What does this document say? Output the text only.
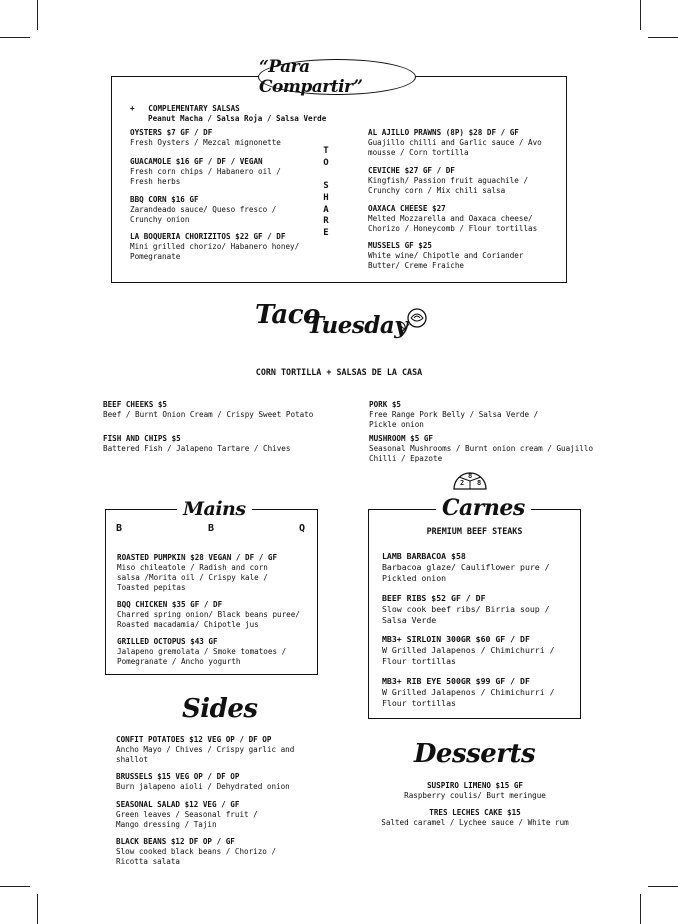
“Para Compartir”
+ COMPLEMENTARY SALSAS
Peanut Macha / Salsa Roja / Salsa Verde
OYSTERS $7 GF / DF
Fresh Oysters / Mezcal mignonette
GUACAMOLE $16 GF / DF / VEGAN
Fresh corn chips / Habanero oil / Fresh herbs
BBQ CORN $16 GF
Zarandeado sauce/ Queso fresco / Crunchy onion
LA BOQUERIA CHORIZITOS $22 GF / DF
Mini grilled chorizo/ Habanero honey/ Pomegranate
T
O

S
H
A
R
E
AL AJILLO PRAWNS (8P) $28 DF / GF
Guajillo chilli and Garlic sauce / Avo mousse / Corn tortilla
CEVICHE $27 GF / DF
Kingfish/ Passion fruit aguachile / Crunchy corn / Mix chili salsa
OAXACA CHEESE $27
Melted Mozzarella and Oaxaca cheese/ Chorizo / Honeycomb / Flour tortillas
MUSSELS GF $25
White wine/ Chipotle and Coriander Butter/ Creme Fraiche
Taco
Tuesday
CORN TORTILLA + SALSAS DE LA CASA
BEEF CHEEKS $5
Beef / Burnt Onion Cream / Crispy Sweet Potato
FISH AND CHIPS $5
Battered Fish / Jalapeno Tartare / Chives
PORK $5
Free Range Pork Belly / Salsa Verde / Pickle onion
MUSHROOM $5 GF
Seasonal Mushrooms / Burnt onion cream / Guajillo Chilli / Epazote
Mains
B	B	Q
ROASTED PUMPKIN $28 VEGAN / DF / GF
Miso chileatole / Radish and corn salsa /Morita oil / Crispy kale / Toasted pepitas
BQQ CHICKEN $35 GF / DF
Charred spring onion/ Black beans puree/ Roasted macadamia/ Chipotle jus
GRILLED OCTOPUS $43 GF
Jalapeno gremolata / Smoke tomatoes / Pomegranate / Ancho yogurth
2
8
8
Carnes
PREMIUM BEEF STEAKS
LAMB BARBACOA $58
Barbacoa glaze/ Cauliflower pure / Pickled onion
BEEF RIBS $52 GF / DF
Slow cook beef ribs/ Birria soup / Salsa Verde
MB3+ SIRLOIN 300GR $60 GF / DF
W Grilled Jalapenos / Chimichurri / Flour tortillas
MB3+ RIB EYE 500GR $99 GF / DF
W Grilled Jalapenos / Chimichurri / Flour tortillas
Sides
CONFIT POTATOES $12 VEG OP / DF OP
Ancho Mayo / Chives / Crispy garlic and shallot
BRUSSELS $15 VEG OP / DF OP
Burn jalapeno aioli / Dehydrated onion
SEASONAL SALAD $12 VEG / GF
Green leaves / Seasonal fruit / Mango dressing / Tajin
BLACK BEANS $12 DF OP / GF
Slow cooked black beans / Chorizo / Ricotta salata
Desserts
SUSPIRO LIMENO $15 GF
Raspberry coulis/ Burt meringue
TRES LECHES CAKE $15
Salted caramel / Lychee sauce / White rum
